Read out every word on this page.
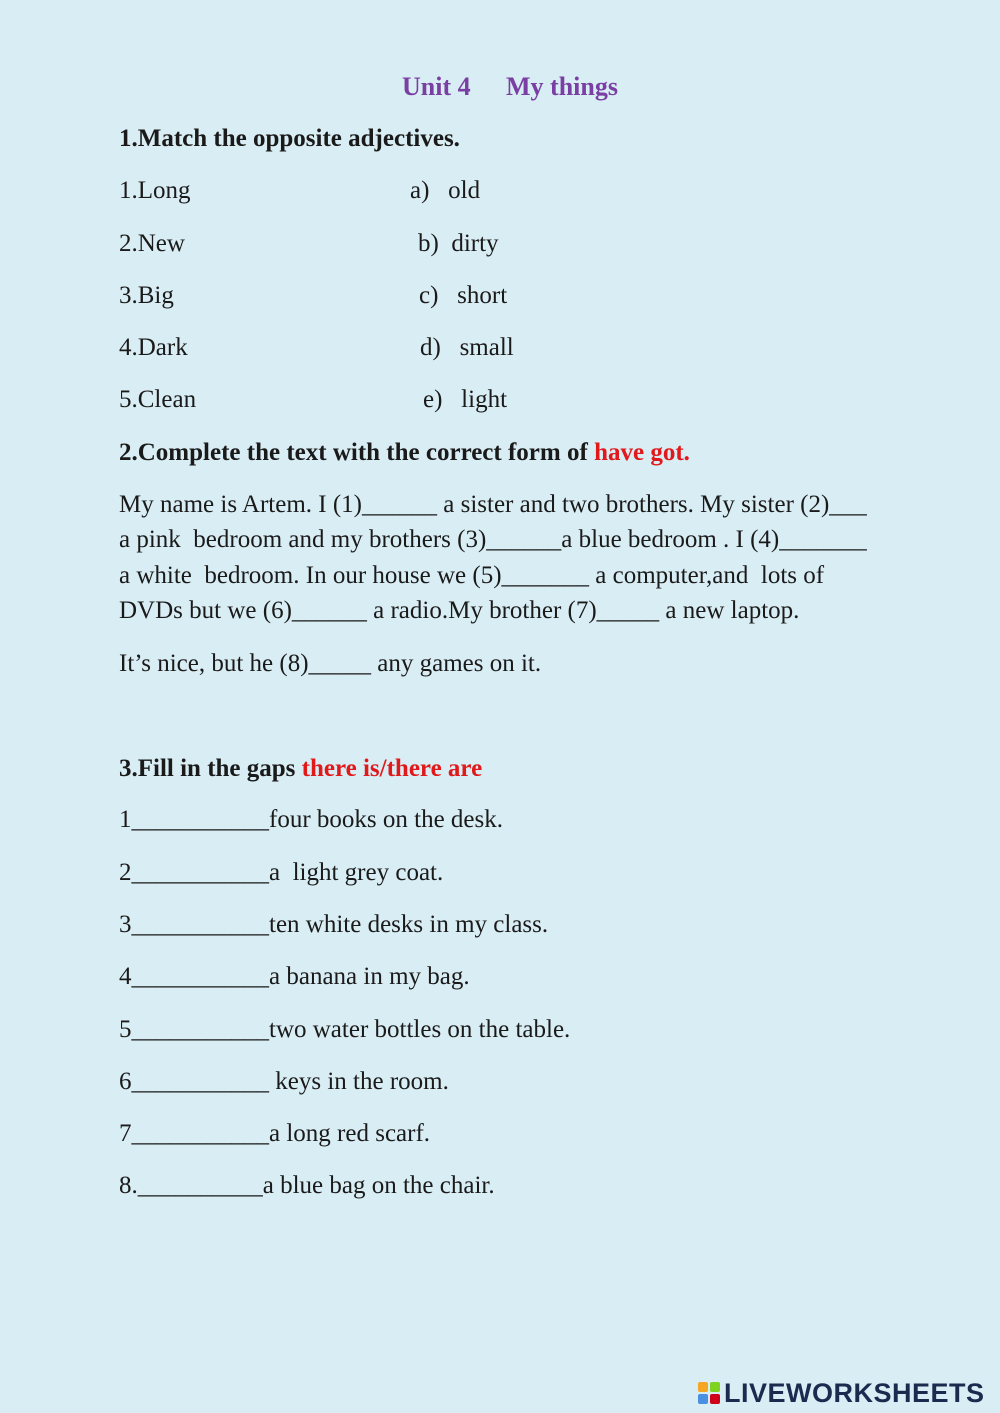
Unit 4 My things
1.Match the opposite adjectives.
1.Long
2.New
3.Big
4.Dark
5.Clean
a)   old
b)  dirty
c)   short
d)   small
e)   light
2.Complete the text with the correct form of have got.
My name is Artem. I (1)______ a sister and two brothers. My sister (2)___
a pink  bedroom and my brothers (3)______a blue bedroom . I (4)_______
a white  bedroom. In our house we (5)_______ a computer,and  lots of
DVDs but we (6)______ a radio.My brother (7)_____ a new laptop.
It’s nice, but he (8)_____ any games on it.
3.Fill in the gaps there is/there are
1___________four books on the desk.
2___________a  light grey coat.
3___________ten white desks in my class.
4___________a banana in my bag.
5___________two water bottles on the table.
6___________ keys in the room.
7___________a long red scarf.
8.__________a blue bag on the chair.
LIVEWORKSHEETS
